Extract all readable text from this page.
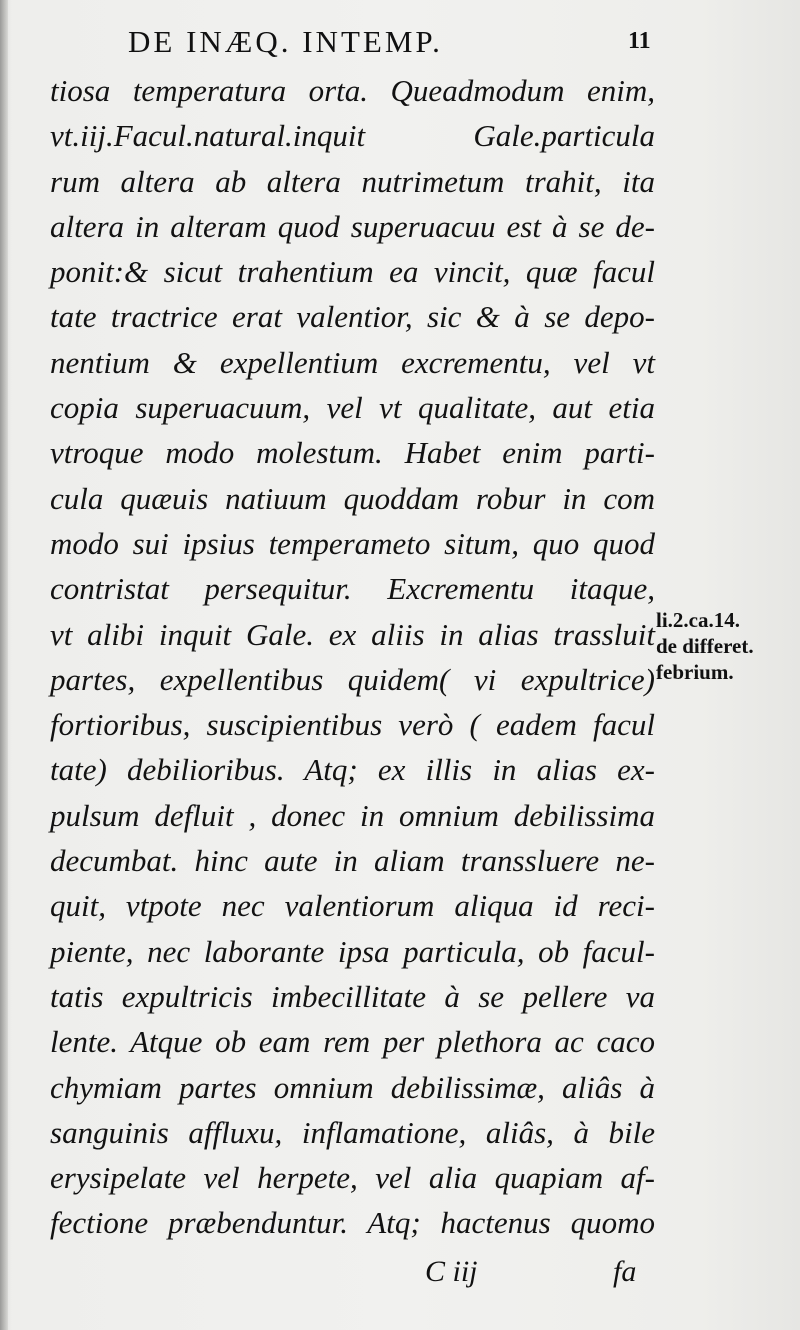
DE INÆQ. INTEMP.	11
tiosa temperatura orta. Queadmodum enim,
vt.iij.Facul.natural.inquit Gale.particula
rum altera ab altera nutrimetum trahit, ita
altera in alteram quod superuacuu est à se de-
ponit:& sicut trahentium ea vincit, quæ facul
tate tractrice erat valentior, sic & à se depo-
nentium & expellentium excrementu, vel vt
copia superuacuum, vel vt qualitate, aut etia
vtroque modo molestum. Habet enim parti-
cula quæuis natiuum quoddam robur in com
modo sui ipsius temperameto situm, quo quod
contristat persequitur. Excrementu itaque,
vt alibi inquit Gale. ex aliis in alias trassluit
partes, expellentibus quidem( vi expultrice)
fortioribus, suscipientibus verò ( eadem facul
tate) debilioribus. Atq; ex illis in alias ex-
pulsum defluit , donec in omnium debilissima
decumbat. hinc aute in aliam transsluere ne-
quit, vtpote nec valentiorum aliqua id reci-
piente, nec laborante ipsa particula, ob facul-
tatis expultricis imbecillitate à se pellere va
lente. Atque ob eam rem per plethora ac caco
chymiam partes omnium debilissimæ, aliâs à
sanguinis affluxu, inflamatione, aliâs, à bile
erysipelate vel herpete, vel alia quapiam af-
fectione præbenduntur. Atq; hactenus quomo
li.2.ca.14.
de differet.
febrium.
C iij	fa
